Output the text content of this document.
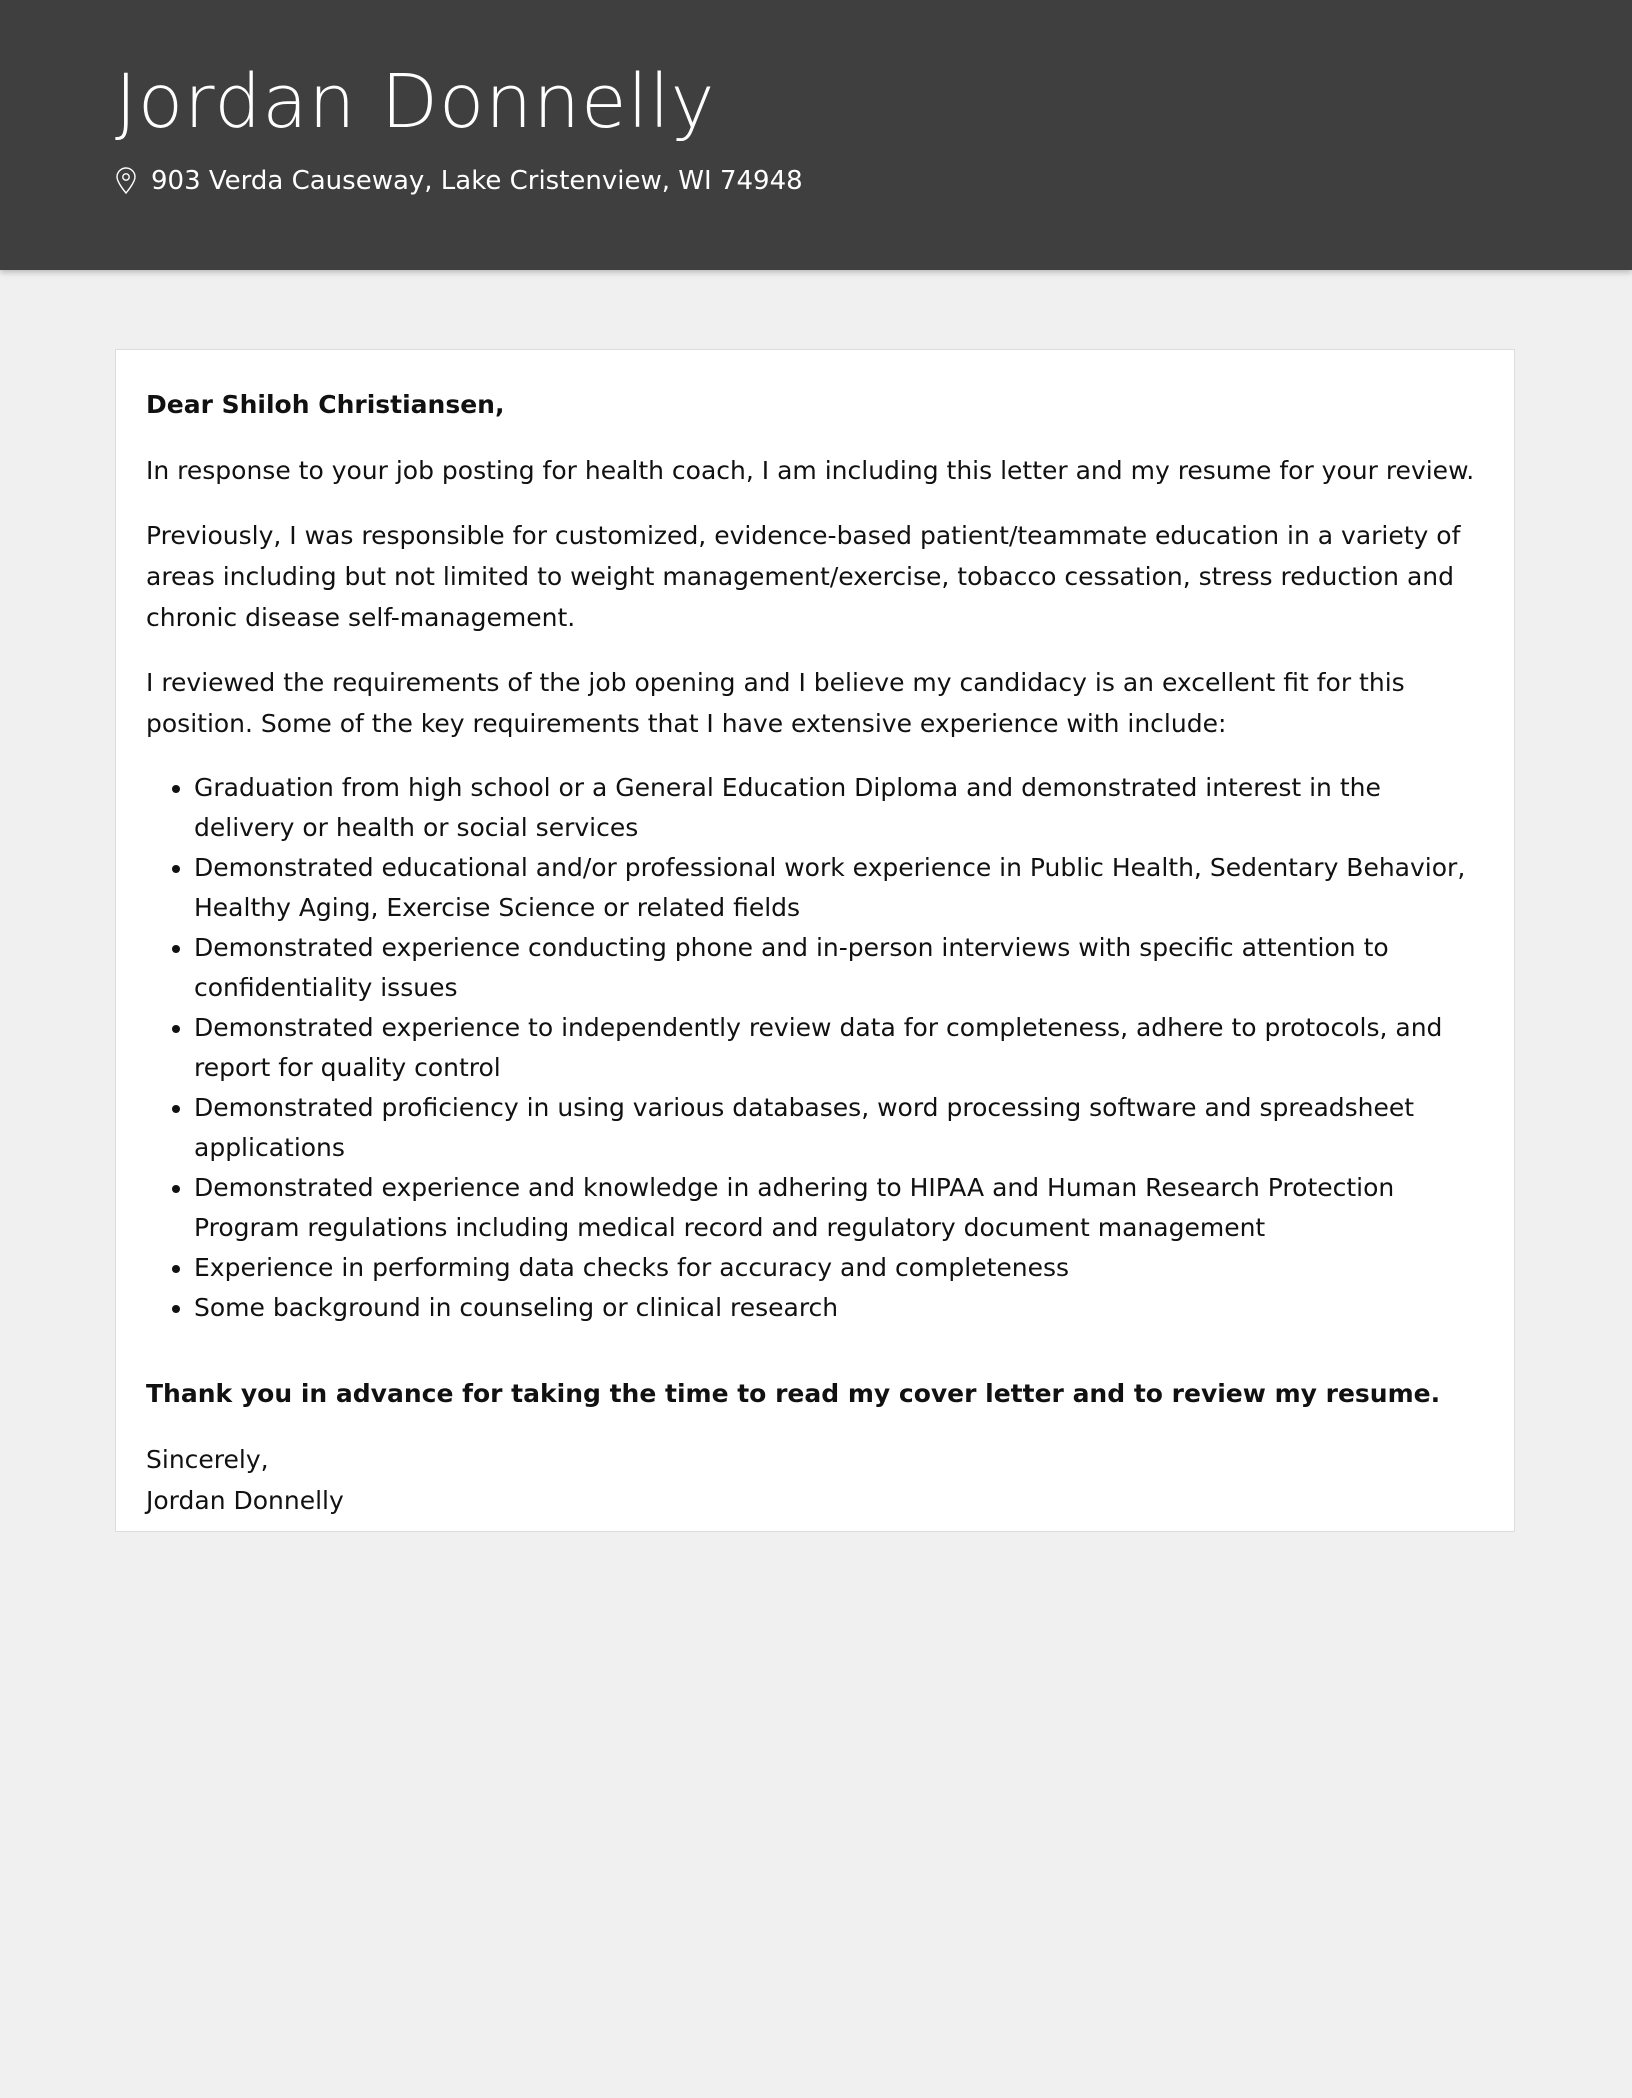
Jordan Donnelly
903 Verda Causeway, Lake Cristenview, WI 74948
Dear Shiloh Christiansen,

In response to your job posting for health coach, I am including this letter and my resume for your review.

Previously, I was responsible for customized, evidence-based patient/teammate education in a variety of areas including but not limited to weight management/exercise, tobacco cessation, stress reduction and chronic disease self-management.

I reviewed the requirements of the job opening and I believe my candidacy is an excellent fit for this position. Some of the key requirements that I have extensive experience with include:

• Graduation from high school or a General Education Diploma and demonstrated interest in the delivery or health or social services
• Demonstrated educational and/or professional work experience in Public Health, Sedentary Behavior, Healthy Aging, Exercise Science or related fields
• Demonstrated experience conducting phone and in-person interviews with specific attention to confidentiality issues
• Demonstrated experience to independently review data for completeness, adhere to protocols, and report for quality control
• Demonstrated proficiency in using various databases, word processing software and spreadsheet applications
• Demonstrated experience and knowledge in adhering to HIPAA and Human Research Protection Program regulations including medical record and regulatory document management
• Experience in performing data checks for accuracy and completeness
• Some background in counseling or clinical research
Thank you in advance for taking the time to read my cover letter and to review my resume.
Sincerely,
Jordan Donnelly
